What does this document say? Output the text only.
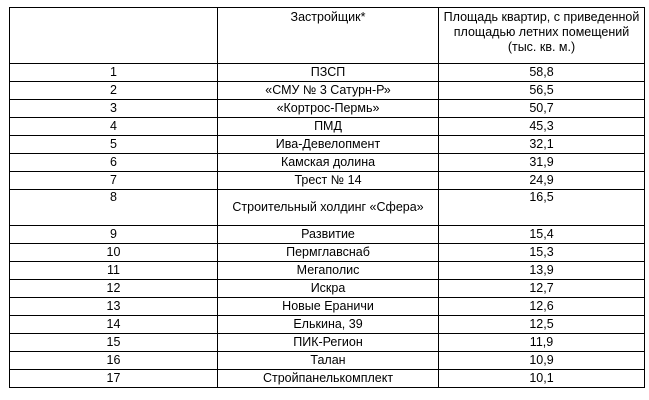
	Застройщик*	Площадь квартир, с приведенной площадью летних помещений (тыс. кв. м.)
1	ПЗСП	58,8
2	«СМУ № 3 Сатурн-Р»	56,5
3	«Кортрос-Пермь»	50,7
4	ПМД	45,3
5	Ива-Девелопмент	32,1
6	Камская долина	31,9
7	Трест № 14	24,9
8	Строительный холдинг «Сфера»	16,5
9	Развитие	15,4
10	Пермглавснаб	15,3
11	Мегаполис	13,9
12	Искра	12,7
13	Новые Ераничи	12,6
14	Елькина, 39	12,5
15	ПИК-Регион	11,9
16	Талан	10,9
17	Стройпанелькомплект	10,1
